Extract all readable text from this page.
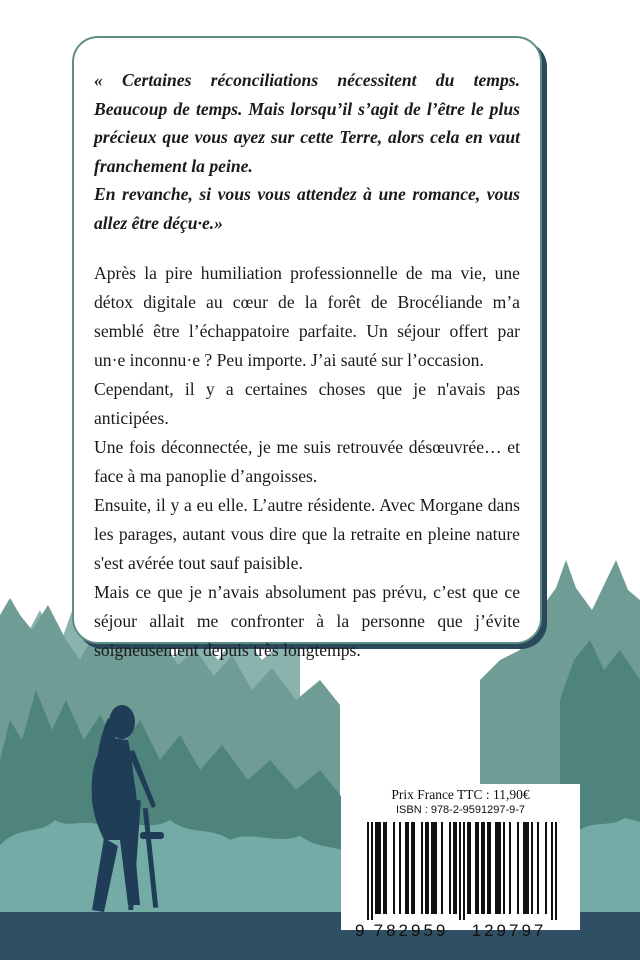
« Certaines réconciliations nécessitent du temps. Beaucoup de temps. Mais lorsqu’il s’agit de l’être le plus précieux que vous ayez sur cette Terre, alors cela en vaut franchement la peine.

En revanche, si vous vous attendez à une romance, vous allez être déçu·e.»

Après la pire humiliation professionnelle de ma vie, une détox digitale au cœur de la forêt de Brocéliande m’a semblé être l’échappatoire parfaite. Un séjour offert par un·e inconnu·e ? Peu importe. J’ai sauté sur l’occasion.

Cependant, il y a certaines choses que je n'avais pas anticipées.

Une fois déconnectée, je me suis retrouvée désœuvrée… et face à ma panoplie d’angoisses.

Ensuite, il y a eu elle. L’autre résidente. Avec Morgane dans les parages, autant vous dire que la retraite en pleine nature s'est avérée tout sauf paisible.

Mais ce que je n’avais absolument pas prévu, c’est que ce séjour allait me confronter à la personne que j’évite soigneusement depuis très longtemps.

Prix France TTC : 11,90€
ISBN : 978-2-9591297-9-7
9 782959 129797
